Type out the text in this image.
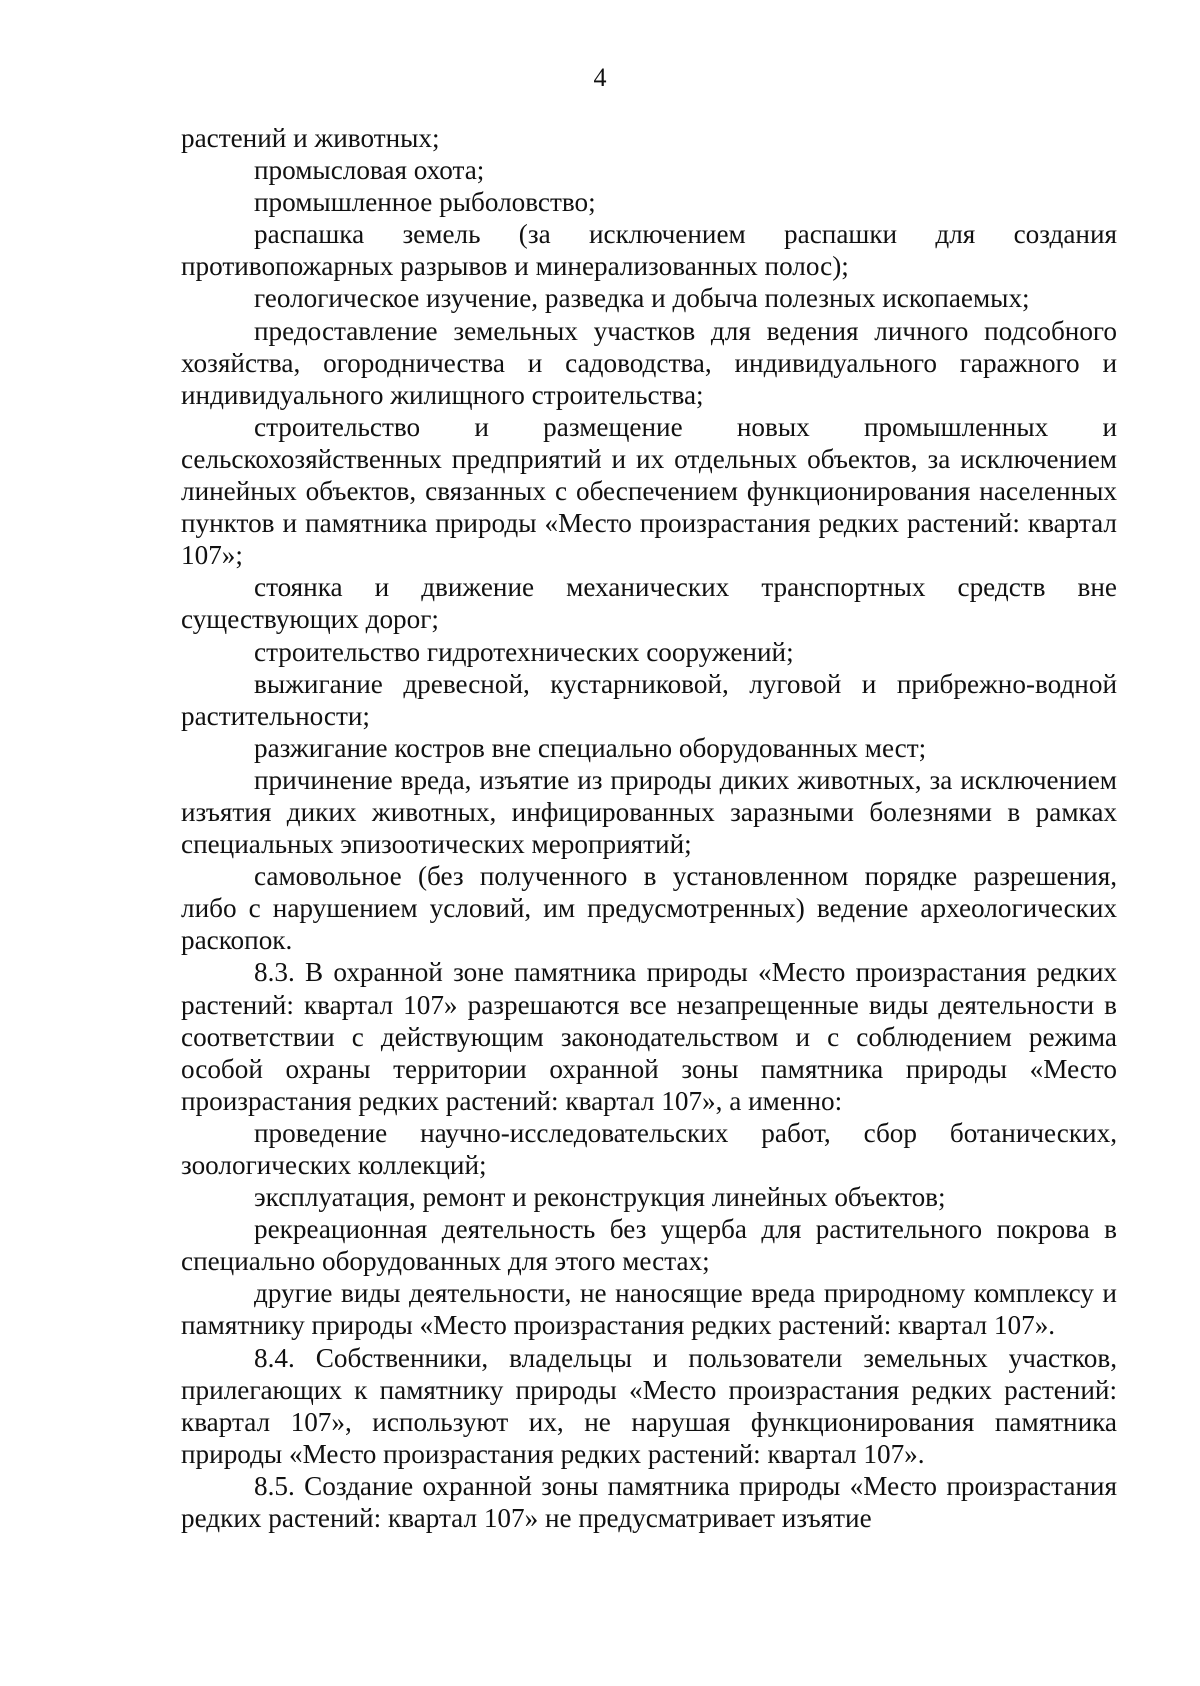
4

растений и животных;

промысловая охота;

промышленное рыболовство;

распашка земель (за исключением распашки для создания противопожарных разрывов и минерализованных полос);

геологическое изучение, разведка и добыча полезных ископаемых;

предоставление земельных участков для ведения личного подсобного хозяйства, огородничества и садоводства, индивидуального гаражного и индивидуального жилищного строительства;

строительство и размещение новых промышленных и сельскохозяйственных предприятий и их отдельных объектов, за исключением линейных объектов, связанных с обеспечением функционирования населенных пунктов и памятника природы «Место произрастания редких растений: квартал 107»;

стоянка и движение механических транспортных средств вне существующих дорог;

строительство гидротехнических сооружений;

выжигание древесной, кустарниковой, луговой и прибрежно-водной растительности;

разжигание костров вне специально оборудованных мест;

причинение вреда, изъятие из природы диких животных, за исключением изъятия диких животных, инфицированных заразными болезнями в рамках специальных эпизоотических мероприятий;

самовольное (без полученного в установленном порядке разрешения, либо с нарушением условий, им предусмотренных) ведение археологических раскопок.

8.3. В охранной зоне памятника природы «Место произрастания редких растений: квартал 107» разрешаются все незапрещенные виды деятельности в соответствии с действующим законодательством и с соблюдением режима особой охраны территории охранной зоны памятника природы «Место произрастания редких растений: квартал 107», а именно:

проведение научно-исследовательских работ, сбор ботанических, зоологических коллекций;

эксплуатация, ремонт и реконструкция линейных объектов;

рекреационная деятельность без ущерба для растительного покрова в специально оборудованных для этого местах;

другие виды деятельности, не наносящие вреда природному комплексу и памятнику природы «Место произрастания редких растений: квартал 107».

8.4. Собственники, владельцы и пользователи земельных участков, прилегающих к памятнику природы «Место произрастания редких растений: квартал 107», используют их, не нарушая функционирования памятника природы «Место произрастания редких растений: квартал 107».

8.5. Создание охранной зоны памятника природы «Место произрастания редких растений: квартал 107» не предусматривает изъятие
